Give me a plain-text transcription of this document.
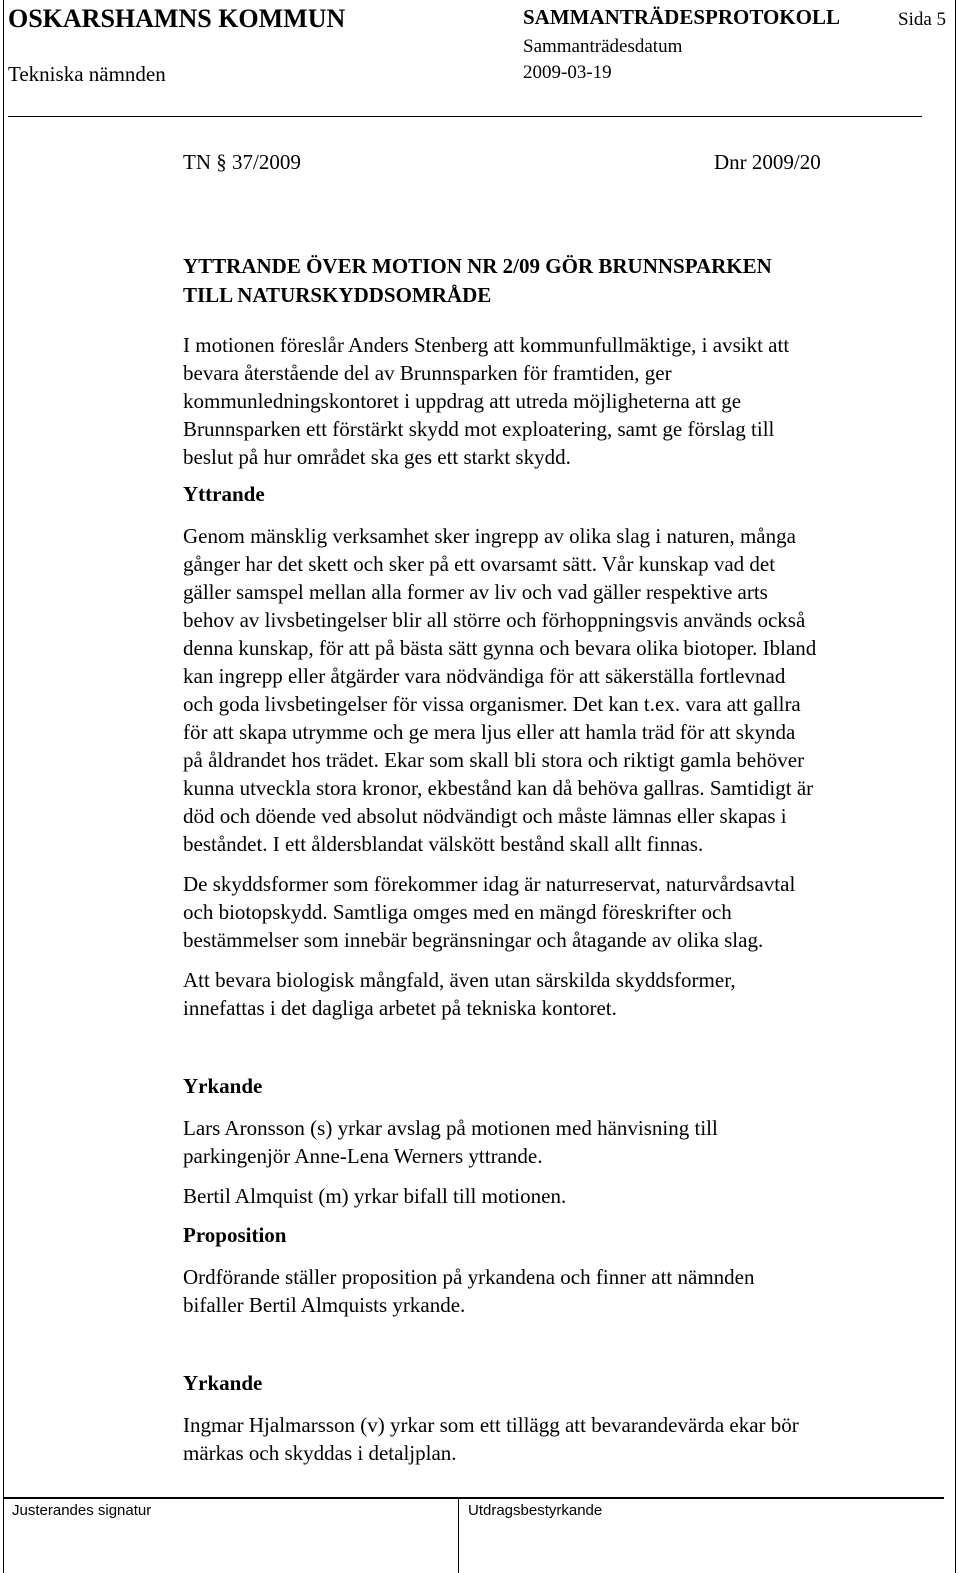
OSKARSHAMNS KOMMUN
Tekniska nämnden
SAMMANTRÄDESPROTOKOLL
Sammanträdesdatum
2009-03-19
Sida 5
TN § 37/2009	Dnr 2009/20
YTTRANDE ÖVER MOTION NR 2/09 GÖR BRUNNSPARKEN
TILL NATURSKYDDSOMRÅDE

I motionen föreslår Anders Stenberg att kommunfullmäktige, i avsikt att

bevara återstående del av Brunnsparken för framtiden, ger

kommunledningskontoret i uppdrag att utreda möjligheterna att ge

Brunnsparken ett förstärkt skydd mot exploatering, samt ge förslag till

beslut på hur området ska ges ett starkt skydd.

Yttrande

Genom mänsklig verksamhet sker ingrepp av olika slag i naturen, många

gånger har det skett och sker på ett ovarsamt sätt. Vår kunskap vad det

gäller samspel mellan alla former av liv och vad gäller respektive arts

behov av livsbetingelser blir all större och förhoppningsvis används också

denna kunskap, för att på bästa sätt gynna och bevara olika biotoper. Ibland

kan ingrepp eller åtgärder vara nödvändiga för att säkerställa fortlevnad

och goda livsbetingelser för vissa organismer. Det kan t.ex. vara att gallra

för att skapa utrymme och ge mera ljus eller att hamla träd för att skynda

på åldrandet hos trädet. Ekar som skall bli stora och riktigt gamla behöver

kunna utveckla stora kronor, ekbestånd kan då behöva gallras. Samtidigt är

död och döende ved absolut nödvändigt och måste lämnas eller skapas i

beståndet. I ett åldersblandat välskött bestånd skall allt finnas.

De skyddsformer som förekommer idag är naturreservat, naturvårdsavtal

och biotopskydd. Samtliga omges med en mängd föreskrifter och

bestämmelser som innebär begränsningar och åtagande av olika slag.

Att bevara biologisk mångfald, även utan särskilda skyddsformer,

innefattas i det dagliga arbetet på tekniska kontoret.

Yrkande

Lars Aronsson (s) yrkar avslag på motionen med hänvisning till

parkingenjör Anne-Lena Werners yttrande.

Bertil Almquist (m) yrkar bifall till motionen.

Proposition

Ordförande ställer proposition på yrkandena och finner att nämnden

bifaller Bertil Almquists yrkande.

Yrkande

Ingmar Hjalmarsson (v) yrkar som ett tillägg att bevarandevärda ekar bör

märkas och skyddas i detaljplan.

Justerandes signatur	Utdragsbestyrkande
